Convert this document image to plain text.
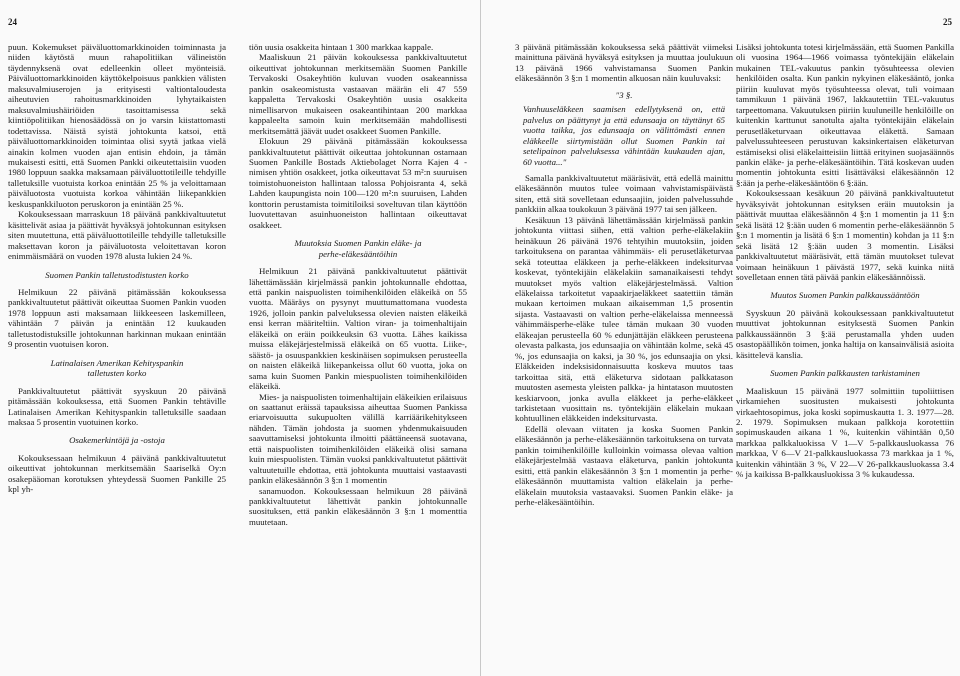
24

puun. Kokemukset päiväluottomarkkinoiden toiminnasta ja niiden käytöstä muun rahapolitiikan välineistön täydennyksenä ovat edelleenkin olleet myönteisiä. Päiväluottomarkkinoiden käyttökelpoisuus pankkien välisten maksuvalmiuserojen ja erityisesti valtiontaloudesta aiheutuvien rahoitusmarkkinoiden lyhytaikaisten maksuvalmiushäiriöiden tasoittamisessa sekä kiintiöpolitiikan hienosäädössä on jo varsin kiistattomasti todettavissa. Näistä syistä johtokunta katsoi, että päiväluottomarkkinoiden toimintaa olisi syytä jatkaa vielä ainakin kolmen vuoden ajan entisin ehdoin, ja tämän mukaisesti esitti, että Suomen Pankki oikeutettaisiin vuoden 1980 loppuun saakka maksamaan päiväluottotileille tehdyille talletuksille vuotuista korkoa enintään 25 % ja veloittamaan päiväluotosta vuotuista korkoa vähintään liikepankkien keskuspankkiluoton peruskoron ja enintään 25 %.

Kokouksessaan marraskuun 18 päivänä pankkivaltuutetut käsittelivät asiaa ja päättivät hyväksyä johtokunnan esityksen siten muutettuna, että päiväluottotileille tehdyille talletuksille maksettavan koron ja päiväluotosta veloitettavan koron enimmäismäärä on vuoden 1978 alusta lukien 24 %.

Suomen Pankin talletustodistusten korko

Helmikuun 22 päivänä pitämässään kokouksessa pankkivaltuutetut päättivät oikeuttaa Suomen Pankin vuoden 1978 loppuun asti maksamaan liikkeeseen laskemilleen, vähintään 7 päivän ja enintään 12 kuukauden talletustodistuksille johtokunnan harkinnan mukaan enintään 9 prosentin vuotuisen koron.

Latinalaisen Amerikan Kehityspankin
talletusten korko

Pankkivaltuutetut päättivät syyskuun 20 päivänä pitämässään kokouksessa, että Suomen Pankin tehtäville Latinalaisen Amerikan Kehityspankin talletuksille saadaan maksaa 5 prosentin vuotuinen korko.

Osakemerkintöjä ja -ostoja

Kokouksessaan helmikuun 4 päivänä pankkivaltuutetut oikeuttivat johtokunnan merkitsemään Saariselkä Oy:n osakepääoman korotuksen yhteydessä Suomen Pankille 25 kpl yh-

tiön uusia osakkeita hintaan 1 300 markkaa kappale.

Maaliskuun 21 päivän kokouksessa pankkivaltuutetut oikeuttivat johtokunnan merkitsemään Suomen Pankille Tervakoski Osakeyhtiön kuluvan vuoden osakeannissa pankin osakeomistusta vastaavan määrän eli 47 559 kappaletta Tervakoski Osakeyhtiön uusia osakkeita nimellisarvon mukaiseen osakeantihintaan 200 markkaa kappaleelta samoin kuin merkitsemään mahdollisesti merkitsemättä jäävät uudet osakkeet Suomen Pankille.

Elokuun 29 päivänä pitämässään kokouksessa pankkivaltuutetut päättivät oikeuttaa johtokunnan ostamaan Suomen Pankille Bostads Aktiebolaget Norra Kajen 4 -nimisen yhtiön osakkeet, jotka oikeuttavat 53 m²:n suuruisen toimistohuoneiston hallintaan talossa Pohjoisranta 4, sekä Lahden kaupungista noin 100—120 m²:n suuruisen, Lahden konttorin perustamista toimitiloiksi soveltuvan tilan käyttöön luovutettavan asuinhuoneiston hallintaan oikeuttavat osakkeet.

Muutoksia Suomen Pankin eläke- ja
perhe-eläkesääntöihin

Helmikuun 21 päivänä pankkivaltuutetut päättivät lähettämässään kirjelmässä pankin johtokunnalle ehdottaa, että pankin naispuolisten toimihenkilöiden eläkeikä on 55 vuotta. Määräys on pysynyt muuttumattomana vuodesta 1926, jolloin pankin palveluksessa olevien naisten eläkeikä ensi kerran määriteltiin. Valtion viran- ja toimenhaltijain eläkeikä on eräin poikkeuksin 63 vuotta. Lähes kaikissa muissa eläkejärjestelmissä eläkeikä on 65 vuotta. Liike-, säästö- ja osuuspankkien keskinäisen sopimuksen perusteella on naisten eläkeikä liikepankeissa ollut 60 vuotta, joka on sama kuin Suomen Pankin miespuolisten toimihenkilöiden eläkeikä.

Mies- ja naispuolisten toimenhaltijain eläkeikien erilaisuus on saattanut eräissä tapauksissa aiheuttaa Suomen Pankissa eriarvoisuutta sukupuolten välillä karriäärikehitykseen nähden. Tämän johdosta ja suomen yhdenmukaisuuden saavuttamiseksi johtokunta ilmoitti päättäneensä suotavana, että naispuolisten toimihenkilöiden eläkeikä olisi samana kuin miespuolisten. Tämän vuoksi pankkivaltuutetut päättivät valtuutetuille ehdottaa, että johtokunta muuttaisi vastaavasti pankin eläkesäännön 3 §:n 1 momentin

sanamuodon. Kokouksessaan helmikuun 28 päivänä pankkivaltuutetut lähettivät pankin johtokunnalle suosituksen, että pankin eläkesäännön 3 §:n 1 momenttia muutetaan.

25

3 päivänä pitämässään kokouksessa sekä päättivät viimeksi mainittuna päivänä hyväksyä esityksen ja muuttaa joulukuun 13 päivänä 1966 vahvistamansa Suomen Pankin eläkesäännön 3 §:n 1 momentin alkuosan näin kuuluvaksi:

"3 §.

Vanhuuseläkkeen saamisen edellytyksenä on, että palvelus on päättynyt ja että edunsaaja on täyttänyt 65 vuotta taikka, jos edunsaaja on välittömästi ennen eläkkeelle siirtymistään ollut Suomen Pankin tai setelipainon palveluksessa vähintään kuukauden ajan, 60 vuotta..."

Samalla pankkivaltuutetut määräsivät, että edellä mainittu eläkesäännön muutos tulee voimaan vahvistamispäivästä siten, että sitä sovelletaan edunsaajiin, joiden palvelussuhde pankkiin alkaa toukokuun 3 päivänä 1977 tai sen jälkeen.

Kesäkuun 13 päivänä lähettämässään kirjelmässä pankin johtokunta viittasi siihen, että valtion perhe-eläkelakiin heinäkuun 26 päivänä 1976 tehtyihin muutoksiin, joiden tarkoituksena on parantaa vähimmäis- eli perusetläketurvaa sekä toteuttaa eläkkeen ja perhe-eläkkeen indeksiturvaa koskevat, työntekijäin eläkelakiin samanaikaisesti tehdyt muutokset myös valtion eläkejärjestelmässä. Valtion eläkelaissa tarkoitetut vapaakirjaeläkkeet saatettiin tämän mukaan kertoimen mukaan aikaisemman 1,5 prosentin sijasta. Vastaavasti on valtion perhe-eläkelaissa menneessä vähimmäisperhe-eläke tulee tämän mukaan 30 vuoden eläkeajan perusteella 60 % edunjättäjän eläkkeen perusteena olevasta palkasta, jos edunsaajia on vähintään kolme, sekä 45 %, jos edunsaajia on kaksi, ja 30 %, jos edunsaajia on yksi. Eläkkeiden indeksisidonnaisuutta koskeva muutos taas tarkoittaa sitä, että eläketurva sidotaan palkkatason muutosten asemesta yleisten palkka- ja hintatason muutosten keskiarvoon, jonka avulla eläkkeet ja perhe-eläkkeet tarkistetaan vuosittain ns. työntekijäin eläkelain mukaan kohtuullinen eläkkeiden indeksiturvasta.

Edellä olevaan viitaten ja koska Suomen Pankin eläkesäännön ja perhe-eläkesäännön tarkoituksena on turvata pankin toimihenkilöille kulloinkin voimassa olevaa valtion eläkejärjestelmää vastaava eläketurva, pankin johtokunta esitti, että pankin eläkesäännön 3 §:n 1 momentin ja perhe-eläkesäännön muuttamista valtion eläkelain ja perhe-eläkelain muutoksia vastaavaksi. Suomen Pankin eläke- ja perhe-eläkesääntöihin.

Lisäksi johtokunta totesi kirjelmässään, että Suomen Pankilla oli vuosina 1964—1966 voimassa työntekijäin eläkelain mukainen TEL-vakuutus pankin työsuhteessa olevien henkilöiden osalta. Kun pankin nykyinen eläkesääntö, jonka piiriin kuuluvat myös työsuhteessa olevat, tuli voimaan tammikuun 1 päivänä 1967, lakkautettiin TEL-vakuutus tarpeettomana. Vakuutuksen piiriin kuuluneille henkilöille on kuitenkin karttunut sanotulta ajalta työntekijäin eläkelain perusetläketurvaan oikeuttavaa eläkettä. Samaan palvelussuhteeseen perustuvan kaksinkertaisen eläketurvan estämiseksi olisi eläkelaitteisiin liittää erityinen suojasäännös pankin eläke- ja perhe-eläkesääntöihin. Tätä koskevan uuden momentin johtokunta esitti lisättäväksi eläkesäännön 12 §:ään ja perhe-eläkesääntöön 6 §:ään.

Kokouksessaan kesäkuun 20 päivänä pankkivaltuutetut hyväksyivät johtokunnan esityksen eräin muutoksin ja päättivät muuttaa eläkesäännön 4 §:n 1 momentin ja 11 §:n sekä lisätä 12 §:ään uuden 6 momentin perhe-eläkesäännön 5 §:n 1 momentin ja lisätä 6 §:n 1 momentin) kohdan ja 11 §:n sekä lisätä 12 §:ään uuden 3 momentin. Lisäksi pankkivaltuutetut määräsivät, että tämän muutokset tulevat voimaan heinäkuun 1 päivästä 1977, sekä kuinka niitä sovelletaan ennen tätä päivää pankin eläkesäännöissä.

Muutos Suomen Pankin palkkaussääntöön

Syyskuun 20 päivänä kokouksessaan pankkivaltuutetut muuttivat johtokunnan esityksestä Suomen Pankin palkkaussäännön 3 §:ää perustamalla yhden uuden osastopäällikön toimen, jonka haltija on kansainvälisiä asioita käsittelevä kanslia.

Suomen Pankin palkkausten tarkistaminen

Maaliskuun 15 päivänä 1977 solmittiin tupoliittisen virkamiehen suositusten mukaisesti johtokunta virkaehtosopimus, joka koski sopimuskautta 1. 3. 1977—28. 2. 1979. Sopimuksen mukaan palkkoja korotettiin sopimuskauden aikana 1 %, kuitenkin vähintään 0,50 markkaa palkkaluokissa V 1—V 5-palkkausluokassa 76 markkaa, V 6—V 21-palkkausluokassa 73 markkaa ja 1 %, kuitenkin vähintään 3 %, V 22—V 26-palkkausluokassa 3.4 % ja kaikissa B-palkkausluokissa 3 % kukaudessa.
